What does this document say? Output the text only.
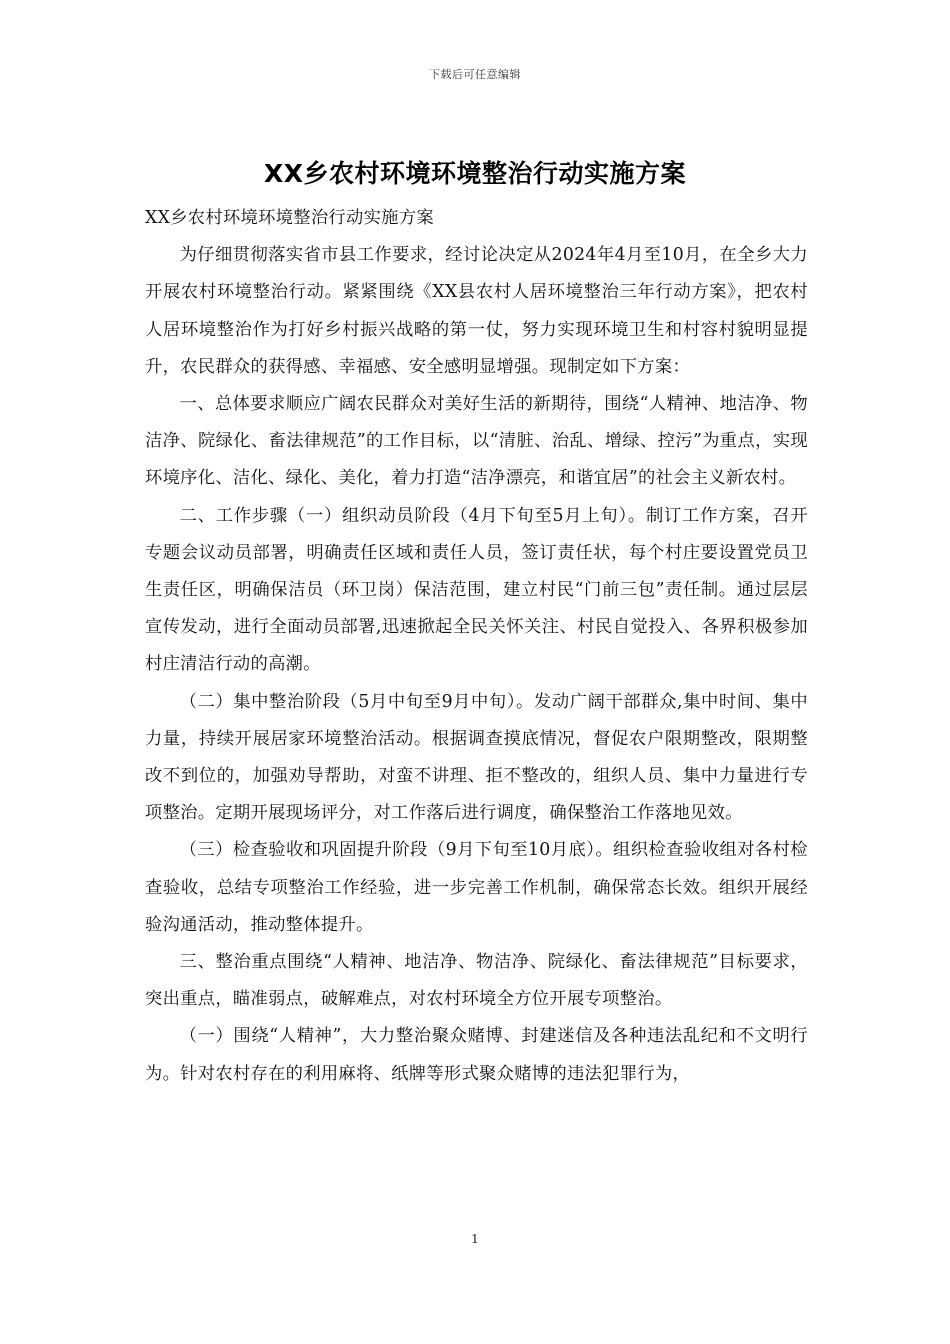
下载后可任意编辑
XX乡农村环境环境整治行动实施方案

XX乡农村环境环境整治行动实施方案

为仔细贯彻落实省市县工作要求，经讨论决定从2024年4月至10月，在全乡大力开展农村环境整治行动。紧紧围绕《XX县农村人居环境整治三年行动方案》，把农村人居环境整治作为打好乡村振兴战略的第一仗，努力实现环境卫生和村容村貌明显提升，农民群众的获得感、幸福感、安全感明显增强。现制定如下方案：

一、总体要求顺应广阔农民群众对美好生活的新期待，围绕“人精神、地洁净、物洁净、院绿化、畜法律规范”的工作目标，以“清脏、治乱、增绿、控污”为重点，实现环境序化、洁化、绿化、美化，着力打造“洁净漂亮，和谐宜居”的社会主义新农村。

二、工作步骤（一）组织动员阶段（4月下旬至5月上旬）。制订工作方案，召开专题会议动员部署，明确责任区域和责任人员，签订责任状，每个村庄要设置党员卫生责任区，明确保洁员（环卫岗）保洁范围，建立村民“门前三包”责任制。通过层层宣传发动，进行全面动员部署,迅速掀起全民关怀关注、村民自觉投入、各界积极参加村庄清洁行动的高潮。

（二）集中整治阶段（5月中旬至9月中旬）。发动广阔干部群众,集中时间、集中力量，持续开展居家环境整治活动。根据调查摸底情况，督促农户限期整改，限期整改不到位的，加强劝导帮助，对蛮不讲理、拒不整改的，组织人员、集中力量进行专项整治。定期开展现场评分，对工作落后进行调度，确保整治工作落地见效。

（三）检查验收和巩固提升阶段（9月下旬至10月底）。组织检查验收组对各村检查验收，总结专项整治工作经验，进一步完善工作机制，确保常态长效。组织开展经验沟通活动，推动整体提升。

三、整治重点围绕“人精神、地洁净、物洁净、院绿化、畜法律规范”目标要求，突出重点，瞄准弱点，破解难点，对农村环境全方位开展专项整治。

（一）围绕“人精神”，大力整治聚众赌博、封建迷信及各种违法乱纪和不文明行为。针对农村存在的利用麻将、纸牌等形式聚众赌博的违法犯罪行为，

1
